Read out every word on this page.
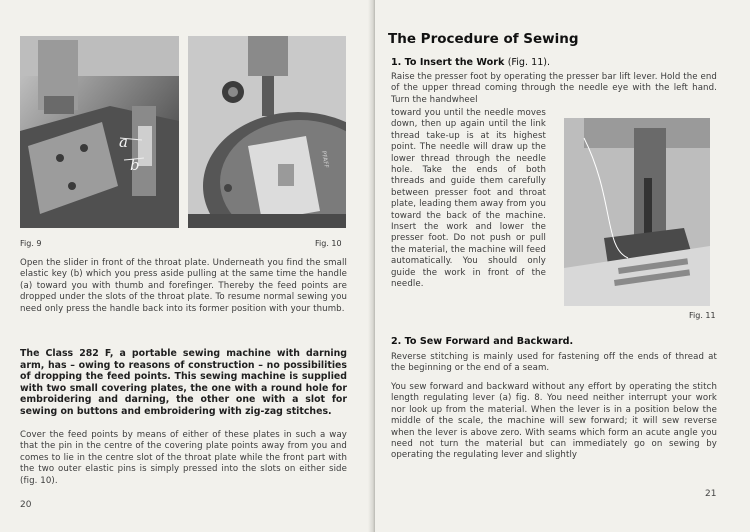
a
b	PFAFF
Fig. 9	Fig. 10

Open the slider in front of the throat plate. Underneath you find the small elastic key (b) which you press aside pulling at the same time the handle (a) toward you with thumb and forefinger. Thereby the feed points are dropped under the slots of the throat plate. To resume normal sewing you need only press the handle back into its former position with your thumb.

The Class 282 F, a portable sewing machine with darning arm, has – owing to reasons of construction – no possibilities of dropping the feed points. This sewing machine is supplied with two small covering plates, the one with a round hole for embroidering and darning, the other one with a slot for sewing on buttons and embroidering with zig-zag stitches.

Cover the feed points by means of either of these plates in such a way that the pin in the centre of the covering plate points away from you and comes to lie in the centre slot of the throat plate while the front part with the two outer elastic pins is simply pressed into the slots on either side (fig. 10).

20
The Procedure of Sewing
1. To Insert the Work (Fig. 11).

Raise the presser foot by operating the presser bar lift lever. Hold the end of the upper thread coming through the needle eye with the left hand. Turn the handwheel

toward you until the needle moves down, then up again until the link thread take-up is at its highest point. The needle will draw up the lower thread through the needle hole. Take the ends of both threads and guide them carefully between presser foot and throat plate, leading them away from you toward the back of the machine. Insert the work and lower the presser foot. Do not push or pull the material, the machine will feed automatically. You should only guide the work in front of the needle.

Fig. 11
2. To Sew Forward and Backward.

Reverse stitching is mainly used for fastening off the ends of thread at the beginning or the end of a seam.

You sew forward and backward without any effort by operating the stitch length regulating lever (a) fig. 8. You need neither interrupt your work nor look up from the material. When the lever is in a position below the middle of the scale, the machine will sew forward; it will sew reverse when the lever is above zero. With seams which form an acute angle you need not turn the material but can immediately go on sewing by operating the regulating lever and slightly

21
